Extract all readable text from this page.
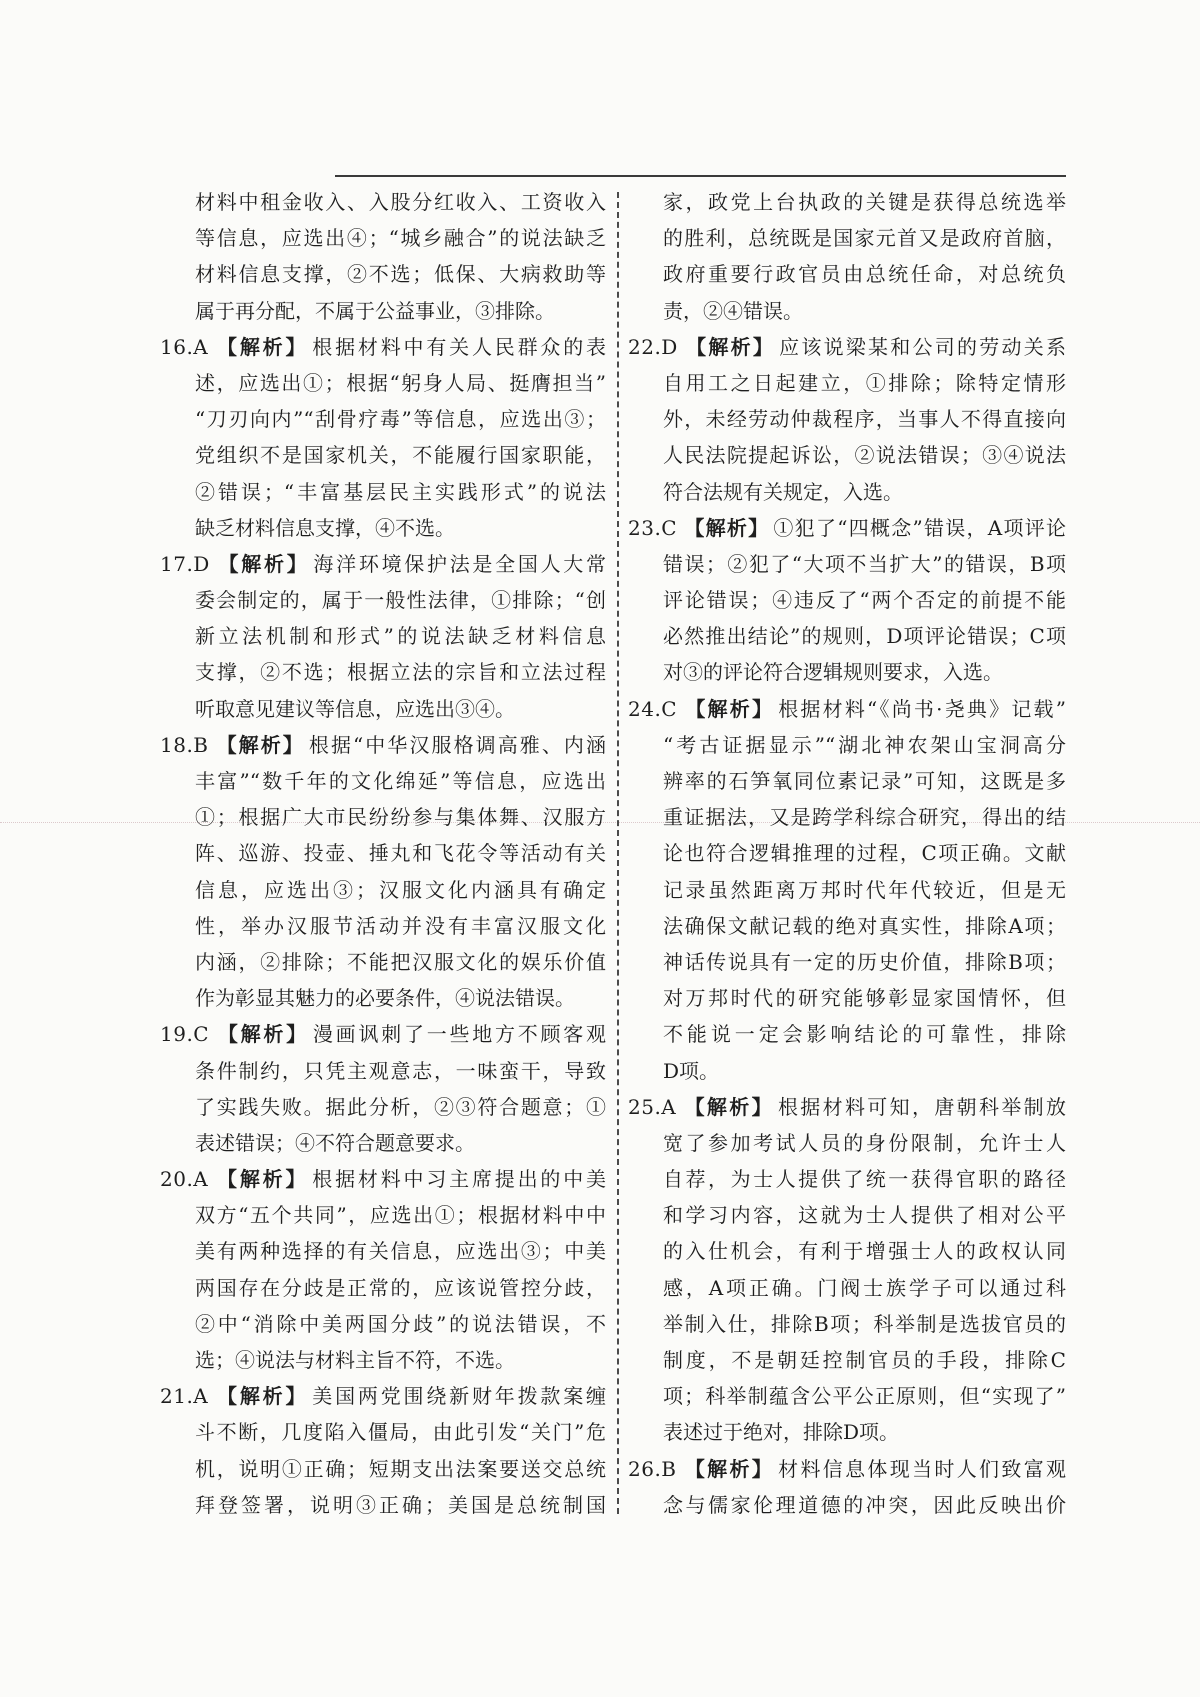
材料中租金收入、入股分红收入、工资收入
等信息，应选出④；“城乡融合”的说法缺乏
材料信息支撑，②不选；低保、大病救助等
属于再分配，不属于公益事业，③排除。
16.A 【解析】 根据材料中有关人民群众的表
述，应选出①；根据“躬身人局、挺膺担当”
“刀刃向内”“刮骨疗毒”等信息，应选出③；
党组织不是国家机关，不能履行国家职能，
②错误；“丰富基层民主实践形式”的说法
缺乏材料信息支撑，④不选。
17.D 【解析】 海洋环境保护法是全国人大常
委会制定的，属于一般性法律，①排除；“创
新立法机制和形式”的说法缺乏材料信息
支撑，②不选；根据立法的宗旨和立法过程
听取意见建议等信息，应选出③④。
18.B 【解析】 根据“中华汉服格调高雅、内涵
丰富”“数千年的文化绵延”等信息，应选出
①；根据广大市民纷纷参与集体舞、汉服方
阵、巡游、投壶、捶丸和飞花令等活动有关
信息，应选出③；汉服文化内涵具有确定
性，举办汉服节活动并没有丰富汉服文化
内涵，②排除；不能把汉服文化的娱乐价值
作为彰显其魅力的必要条件，④说法错误。
19.C 【解析】 漫画讽刺了一些地方不顾客观
条件制约，只凭主观意志，一味蛮干，导致
了实践失败。据此分析，②③符合题意；①
表述错误；④不符合题意要求。
20.A 【解析】 根据材料中习主席提出的中美
双方“五个共同”，应选出①；根据材料中中
美有两种选择的有关信息，应选出③；中美
两国存在分歧是正常的，应该说管控分歧，
②中“消除中美两国分歧”的说法错误，不
选；④说法与材料主旨不符，不选。
21.A 【解析】 美国两党围绕新财年拨款案缠
斗不断，几度陷入僵局，由此引发“关门”危
机，说明①正确；短期支出法案要送交总统
拜登签署，说明③正确；美国是总统制国
家，政党上台执政的关键是获得总统选举
的胜利，总统既是国家元首又是政府首脑，
政府重要行政官员由总统任命，对总统负
责，②④错误。
22.D 【解析】 应该说梁某和公司的劳动关系
自用工之日起建立，①排除；除特定情形
外，未经劳动仲裁程序，当事人不得直接向
人民法院提起诉讼，②说法错误；③④说法
符合法规有关规定，入选。
23.C 【解析】 ①犯了“四概念”错误，A项评论
错误；②犯了“大项不当扩大”的错误，B项
评论错误；④违反了“两个否定的前提不能
必然推出结论”的规则，D项评论错误；C项
对③的评论符合逻辑规则要求，入选。
24.C 【解析】 根据材料“《尚书·尧典》记载”
“考古证据显示”“湖北神农架山宝洞高分
辨率的石笋氧同位素记录”可知，这既是多
重证据法，又是跨学科综合研究，得出的结
论也符合逻辑推理的过程，C项正确。文献
记录虽然距离万邦时代年代较近，但是无
法确保文献记载的绝对真实性，排除A项；
神话传说具有一定的历史价值，排除B项；
对万邦时代的研究能够彰显家国情怀，但
不能说一定会影响结论的可靠性，排除
D项。
25.A 【解析】 根据材料可知，唐朝科举制放
宽了参加考试人员的身份限制，允许士人
自荐，为士人提供了统一获得官职的路径
和学习内容，这就为士人提供了相对公平
的入仕机会，有利于增强士人的政权认同
感，A项正确。门阀士族学子可以通过科
举制入仕，排除B项；科举制是选拔官员的
制度，不是朝廷控制官员的手段，排除C
项；科举制蕴含公平公正原则，但“实现了”
表述过于绝对，排除D项。
26.B 【解析】 材料信息体现当时人们致富观
念与儒家伦理道德的冲突，因此反映出价
